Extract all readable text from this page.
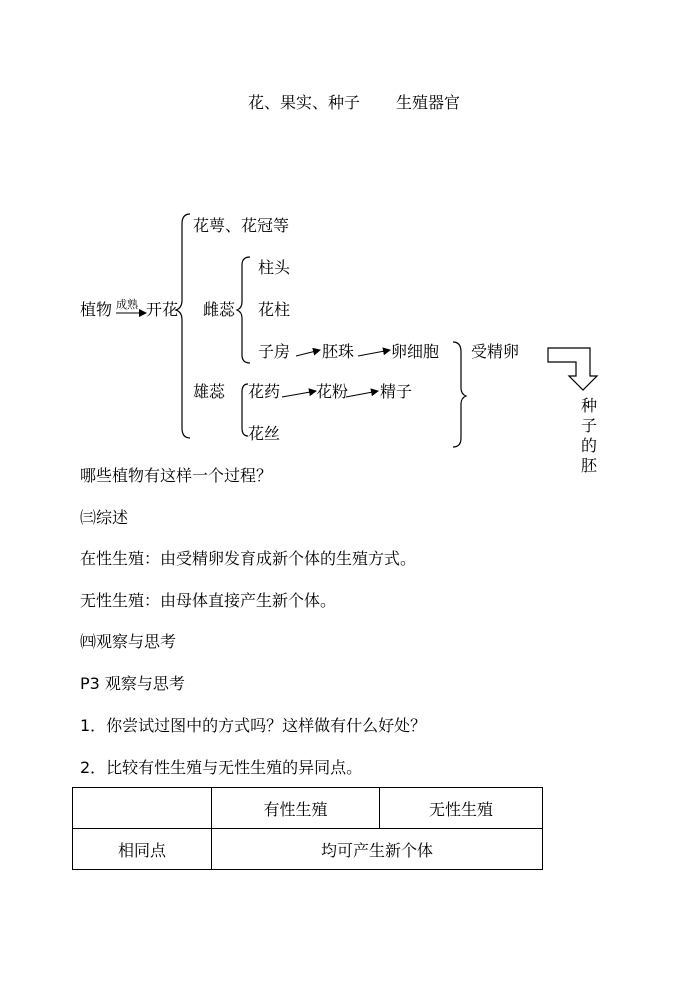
花、果实、种子 生殖器官
植物 成熟 开花
花萼、花冠等
雌蕊
柱头
花柱
子房 胚珠 卵细胞 受精卵
雄蕊 花药 花粉 精子
花丝
种子的胚
哪些植物有这样一个过程？
㈢综述
在性生殖：由受精卵发育成新个体的生殖方式。
无性生殖：由母体直接产生新个体。
㈣观察与思考
P3 观察与思考
1．你尝试过图中的方式吗？这样做有什么好处？
2．比较有性生殖与无性生殖的异同点。
	有性生殖	无性生殖
相同点	均可产生新个体	
